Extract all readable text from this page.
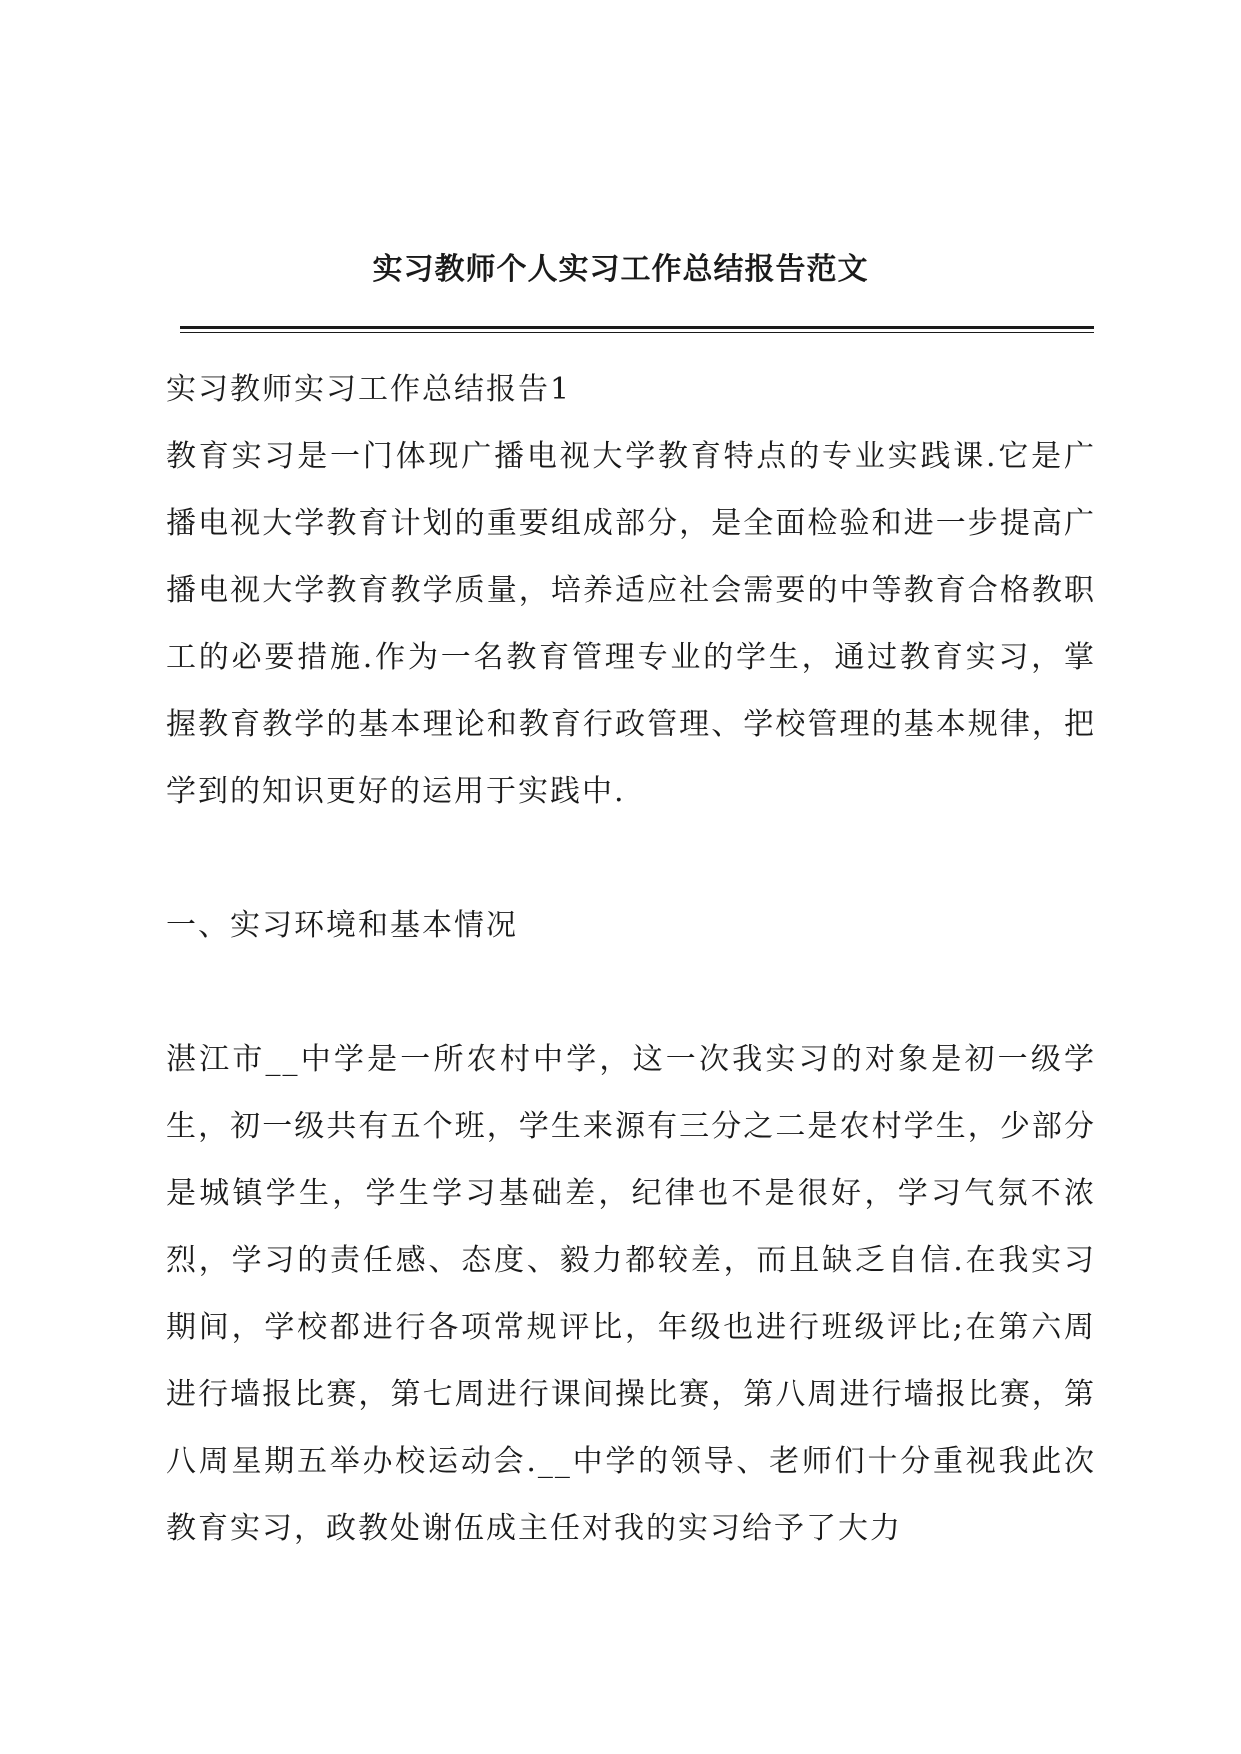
实习教师个人实习工作总结报告范文

实习教师实习工作总结报告1

教育实习是一门体现广播电视大学教育特点的专业实践课.它是广播电视大学教育计划的重要组成部分，是全面检验和进一步提高广播电视大学教育教学质量，培养适应社会需要的中等教育合格教职工的必要措施.作为一名教育管理专业的学生，通过教育实习，掌握教育教学的基本理论和教育行政管理、学校管理的基本规律，把学到的知识更好的运用于实践中.

一、实习环境和基本情况

湛江市__中学是一所农村中学，这一次我实习的对象是初一级学生，初一级共有五个班，学生来源有三分之二是农村学生，少部分是城镇学生，学生学习基础差，纪律也不是很好，学习气氛不浓烈，学习的责任感、态度、毅力都较差，而且缺乏自信.在我实习期间，学校都进行各项常规评比，年级也进行班级评比;在第六周进行墙报比赛，第七周进行课间操比赛，第八周进行墙报比赛，第八周星期五举办校运动会.__中学的领导、老师们十分重视我此次教育实习，政教处谢伍成主任对我的实习给予了大力
